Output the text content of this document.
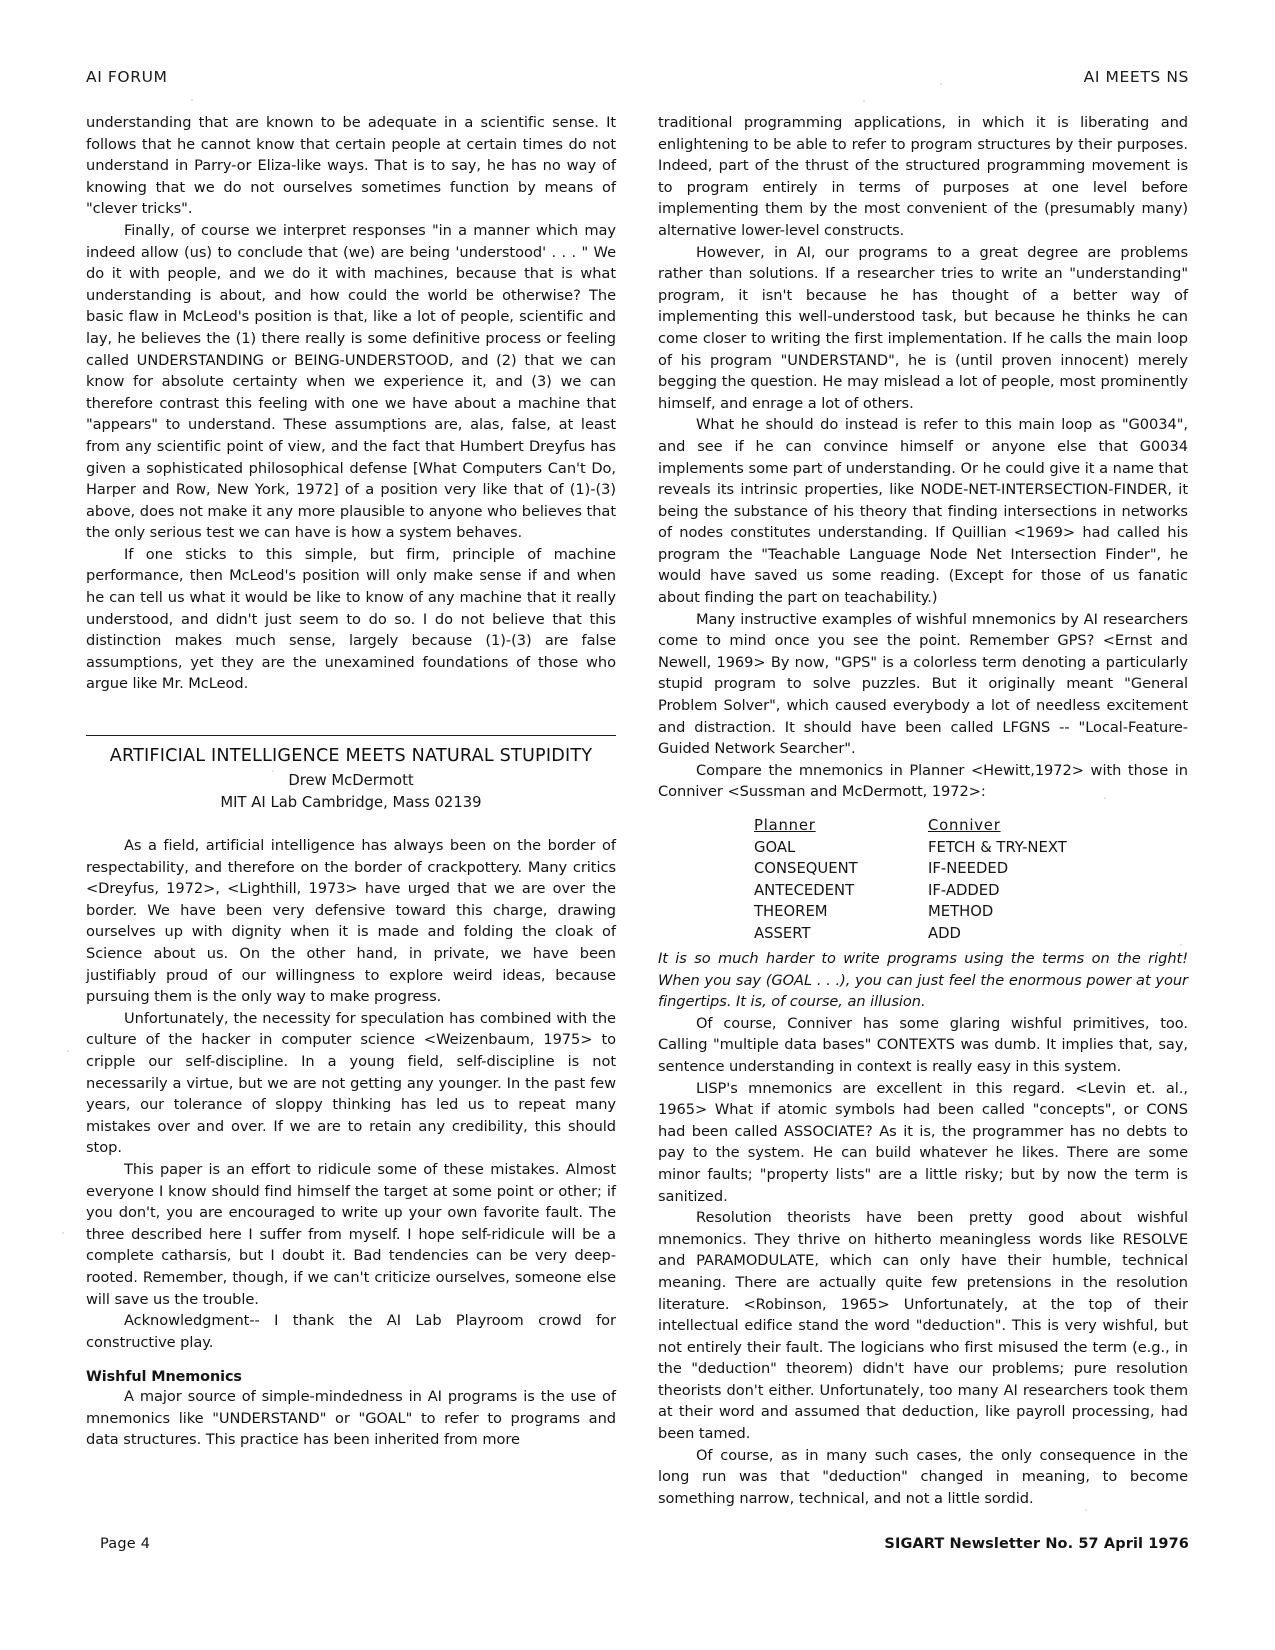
AI FORUM	AI MEETS NS

understanding that are known to be adequate in a scientific sense. It follows that he cannot know that certain people at certain times do not understand in Parry-or Eliza-like ways. That is to say, he has no way of knowing that we do not ourselves sometimes function by means of "clever tricks".

Finally, of course we interpret responses "in a manner which may indeed allow (us) to conclude that (we) are being 'understood' . . . " We do it with people, and we do it with machines, because that is what understanding is about, and how could the world be otherwise? The basic flaw in McLeod's position is that, like a lot of people, scientific and lay, he believes the (1) there really is some definitive process or feeling called UNDERSTANDING or BEING-UNDERSTOOD, and (2) that we can know for absolute certainty when we experience it, and (3) we can therefore contrast this feeling with one we have about a machine that "appears" to understand. These assumptions are, alas, false, at least from any scientific point of view, and the fact that Humbert Dreyfus has given a sophisticated philosophical defense [What Computers Can't Do, Harper and Row, New York, 1972] of a position very like that of (1)-(3) above, does not make it any more plausible to anyone who believes that the only serious test we can have is how a system behaves.

If one sticks to this simple, but firm, principle of machine performance, then McLeod's position will only make sense if and when he can tell us what it would be like to know of any machine that it really understood, and didn't just seem to do so. I do not believe that this distinction makes much sense, largely because (1)-(3) are false assumptions, yet they are the unexamined foundations of those who argue like Mr. McLeod.

ARTIFICIAL INTELLIGENCE MEETS NATURAL STUPIDITY
Drew McDermott
MIT AI Lab Cambridge, Mass 02139

As a field, artificial intelligence has always been on the border of respectability, and therefore on the border of crackpottery. Many critics <Dreyfus, 1972>, <Lighthill, 1973> have urged that we are over the border. We have been very defensive toward this charge, drawing ourselves up with dignity when it is made and folding the cloak of Science about us. On the other hand, in private, we have been justifiably proud of our willingness to explore weird ideas, because pursuing them is the only way to make progress.

Unfortunately, the necessity for speculation has combined with the culture of the hacker in computer science <Weizenbaum, 1975> to cripple our self-discipline. In a young field, self-discipline is not necessarily a virtue, but we are not getting any younger. In the past few years, our tolerance of sloppy thinking has led us to repeat many mistakes over and over. If we are to retain any credibility, this should stop.

This paper is an effort to ridicule some of these mistakes. Almost everyone I know should find himself the target at some point or other; if you don't, you are encouraged to write up your own favorite fault. The three described here I suffer from myself. I hope self-ridicule will be a complete catharsis, but I doubt it. Bad tendencies can be very deep-rooted. Remember, though, if we can't criticize ourselves, someone else will save us the trouble.

Acknowledgment-- I thank the AI Lab Playroom crowd for constructive play.

Wishful Mnemonics

A major source of simple-mindedness in AI programs is the use of mnemonics like "UNDERSTAND" or "GOAL" to refer to programs and data structures. This practice has been inherited from more

traditional programming applications, in which it is liberating and enlightening to be able to refer to program structures by their purposes. Indeed, part of the thrust of the structured programming movement is to program entirely in terms of purposes at one level before implementing them by the most convenient of the (presumably many) alternative lower-level constructs.

However, in AI, our programs to a great degree are problems rather than solutions. If a researcher tries to write an "understanding" program, it isn't because he has thought of a better way of implementing this well-understood task, but because he thinks he can come closer to writing the first implementation. If he calls the main loop of his program "UNDERSTAND", he is (until proven innocent) merely begging the question. He may mislead a lot of people, most prominently himself, and enrage a lot of others.

What he should do instead is refer to this main loop as "G0034", and see if he can convince himself or anyone else that G0034 implements some part of understanding. Or he could give it a name that reveals its intrinsic properties, like NODE-NET-INTERSECTION-FINDER, it being the substance of his theory that finding intersections in networks of nodes constitutes understanding. If Quillian <1969> had called his program the "Teachable Language Node Net Intersection Finder", he would have saved us some reading. (Except for those of us fanatic about finding the part on teachability.)

Many instructive examples of wishful mnemonics by AI researchers come to mind once you see the point. Remember GPS? <Ernst and Newell, 1969> By now, "GPS" is a colorless term denoting a particularly stupid program to solve puzzles. But it originally meant "General Problem Solver", which caused everybody a lot of needless excitement and distraction. It should have been called LFGNS -- "Local-Feature-Guided Network Searcher".

Compare the mnemonics in Planner <Hewitt,1972> with those in Conniver <Sussman and McDermott, 1972>:

Planner	Conniver
GOAL	FETCH & TRY-NEXT
CONSEQUENT	IF-NEEDED
ANTECEDENT	IF-ADDED
THEOREM	METHOD
ASSERT	ADD

It is so much harder to write programs using the terms on the right! When you say (GOAL . . .), you can just feel the enormous power at your fingertips. It is, of course, an illusion.

Of course, Conniver has some glaring wishful primitives, too. Calling "multiple data bases" CONTEXTS was dumb. It implies that, say, sentence understanding in context is really easy in this system.

LISP's mnemonics are excellent in this regard. <Levin et. al., 1965> What if atomic symbols had been called "concepts", or CONS had been called ASSOCIATE? As it is, the programmer has no debts to pay to the system. He can build whatever he likes. There are some minor faults; "property lists" are a little risky; but by now the term is sanitized.

Resolution theorists have been pretty good about wishful mnemonics. They thrive on hitherto meaningless words like RESOLVE and PARAMODULATE, which can only have their humble, technical meaning. There are actually quite few pretensions in the resolution literature. <Robinson, 1965> Unfortunately, at the top of their intellectual edifice stand the word "deduction". This is very wishful, but not entirely their fault. The logicians who first misused the term (e.g., in the "deduction" theorem) didn't have our problems; pure resolution theorists don't either. Unfortunately, too many AI researchers took them at their word and assumed that deduction, like payroll processing, had been tamed.

Of course, as in many such cases, the only consequence in the long run was that "deduction" changed in meaning, to become something narrow, technical, and not a little sordid.

Page 4	SIGART Newsletter No. 57 April 1976
